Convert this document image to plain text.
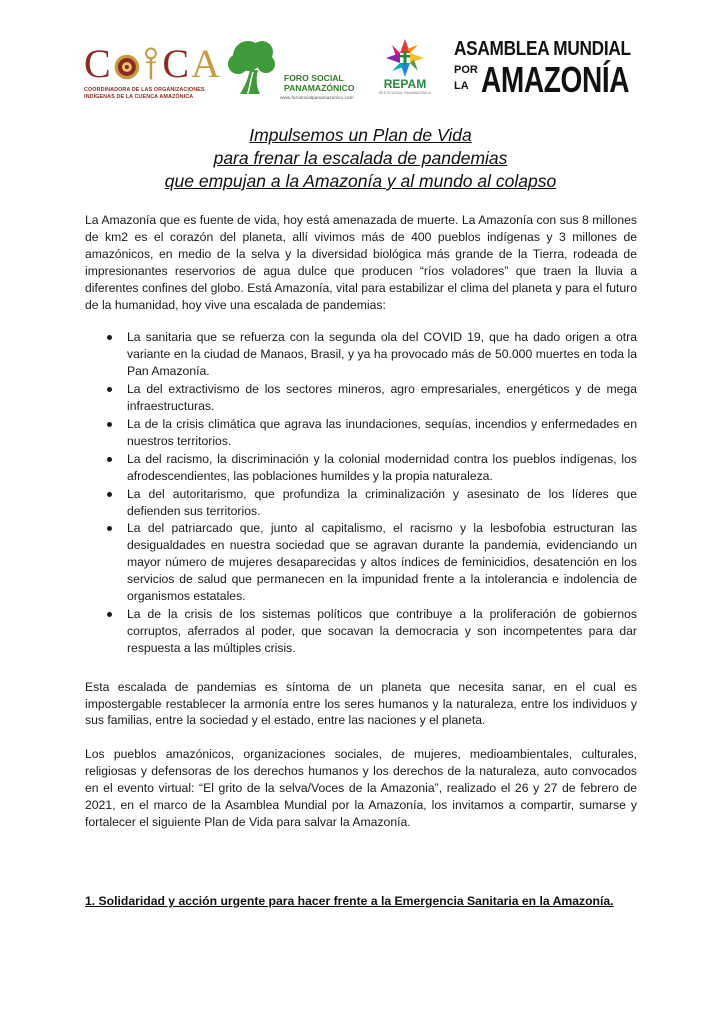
C C A
COORDINADORA DE LAS ORGANIZACIONES
INDÍGENAS DE LA CUENCA AMAZÓNICA
FORO SOCIAL
PANAMAZÓNICO
www.forosocialpanamazonico.com
REPAM
RED ECLESIAL PANAMAZÓNICA
ASAMBLEA MUNDIAL
POR
LA AMAZONÍA
Impulsemos un Plan de Vida
para frenar la escalada de pandemias
que empujan a la Amazonía y al mundo al colapso

La Amazonía que es fuente de vida, hoy está amenazada de muerte. La Amazonía con sus 8 millones de km2 es el corazón del planeta, allí vivimos más de 400 pueblos indígenas y 3 millones de amazónicos, en medio de la selva y la diversidad biológica más grande de la Tierra, rodeada de impresionantes reservorios de agua dulce que producen “ríos voladores” que traen la lluvia a diferentes confines del globo. Está Amazonía, vital para estabilizar el clima del planeta y para el futuro de la humanidad, hoy vive una escalada de pandemias:

La sanitaria que se refuerza con la segunda ola del COVID 19, que ha dado origen a otra variante en la ciudad de Manaos, Brasil, y ya ha provocado más de 50.000 muertes en toda la Pan Amazonía.
La del extractivismo de los sectores mineros, agro empresariales, energéticos y de mega infraestructuras.
La de la crisis climática que agrava las inundaciones, sequías, incendios y enfermedades en nuestros territorios.
La del racismo, la discriminación y la colonial modernidad contra los pueblos indígenas, los afrodescendientes, las poblaciones humildes y la propia naturaleza.
La del autoritarismo, que profundiza la criminalización y asesinato de los líderes que defienden sus territorios.
La del patriarcado que, junto al capitalismo, el racismo y la lesbofobia estructuran las desigualdades en nuestra sociedad que se agravan durante la pandemia, evidenciando un mayor número de mujeres desaparecidas y altos índices de feminicidios, desatención en los servicios de salud que permanecen en la impunidad frente a la intolerancia e indolencia de organismos estatales.
La de la crisis de los sistemas políticos que contribuye a la proliferación de gobiernos corruptos, aferrados al poder, que socavan la democracia y son incompetentes para dar respuesta a las múltiples crisis.

Esta escalada de pandemias es síntoma de un planeta que necesita sanar, en el cual es impostergable restablecer la armonía entre los seres humanos y la naturaleza, entre los individuos y sus familias, entre la sociedad y el estado, entre las naciones y el planeta.

Los pueblos amazónicos, organizaciones sociales, de mujeres, medioambientales, culturales, religiosas y defensoras de los derechos humanos y los derechos de la naturaleza, auto convocados en el evento virtual: “El grito de la selva/Voces de la Amazonia”, realizado el 26 y 27 de febrero de 2021, en el marco de la Asamblea Mundial por la Amazonía, los invitamos a compartir, sumarse y fortalecer el siguiente Plan de Vida para salvar la Amazonía.

1. Solidaridad y acción urgente para hacer frente a la Emergencia Sanitaria en la Amazonía.
